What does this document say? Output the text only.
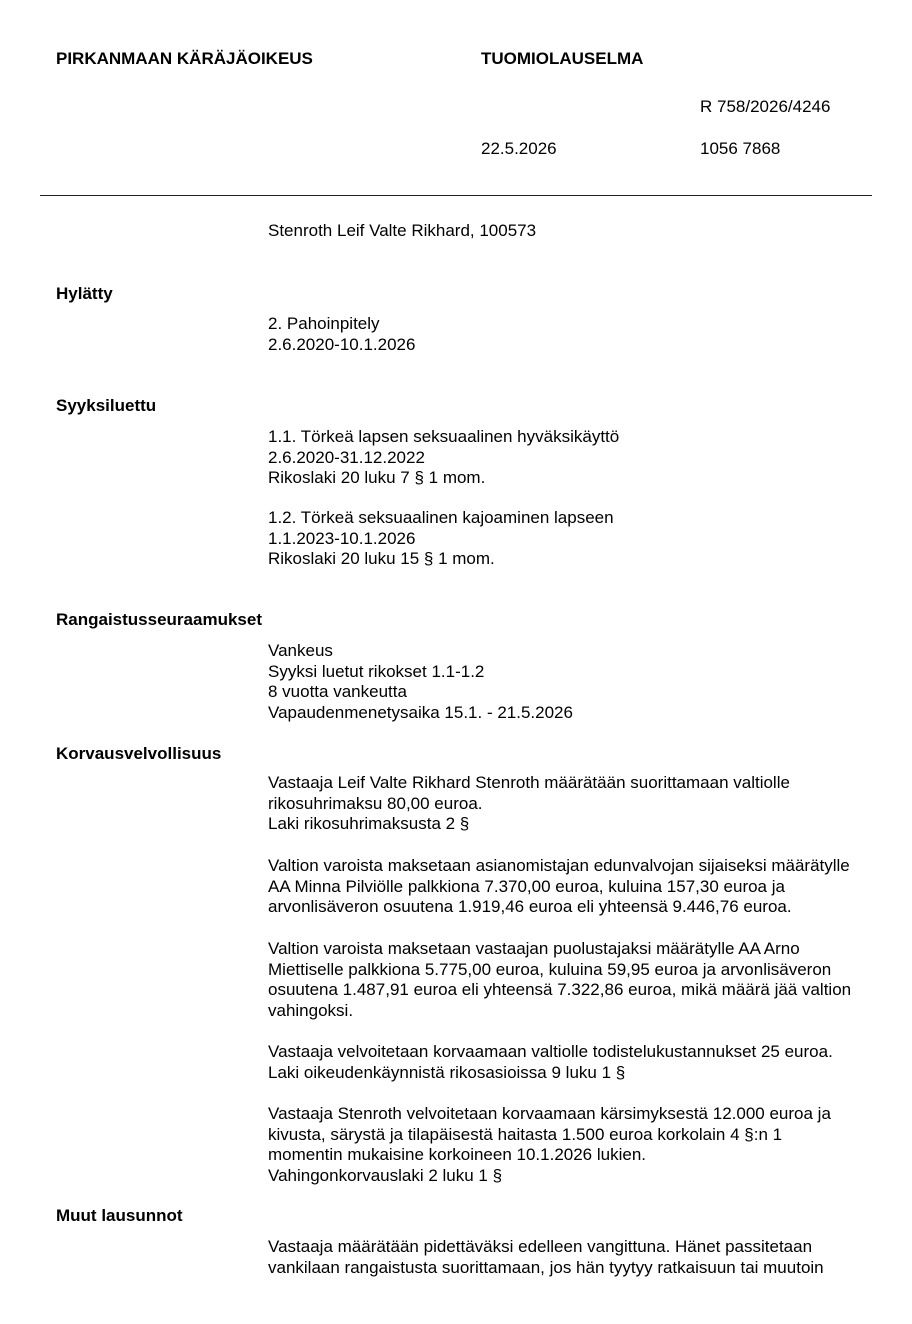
PIRKANMAAN KÄRÄJÄOIKEUS	TUOMIOLAUSELMA
R 758/2026/4246
22.5.2026	1056 7868
Stenroth Leif Valte Rikhard, 100573
Hylätty
2. Pahoinpitely
2.6.2020-10.1.2026
Syyksiluettu
1.1. Törkeä lapsen seksuaalinen hyväksikäyttö
2.6.2020-31.12.2022
Rikoslaki 20 luku 7 § 1 mom.
1.2. Törkeä seksuaalinen kajoaminen lapseen
1.1.2023-10.1.2026
Rikoslaki 20 luku 15 § 1 mom.
Rangaistusseuraamukset
Vankeus
Syyksi luetut rikokset 1.1-1.2
8 vuotta vankeutta
Vapaudenmenetysaika 15.1. - 21.5.2026
Korvausvelvollisuus
Vastaaja Leif Valte Rikhard Stenroth määrätään suorittamaan valtiolle
rikosuhrimaksu 80,00 euroa.
Laki rikosuhrimaksusta 2 §
Valtion varoista maksetaan asianomistajan edunvalvojan sijaiseksi määrätylle
AA Minna Pilviölle palkkiona 7.370,00 euroa, kuluina 157,30 euroa ja
arvonlisäveron osuutena 1.919,46 euroa eli yhteensä 9.446,76 euroa.
Valtion varoista maksetaan vastaajan puolustajaksi määrätylle AA Arno
Miettiselle palkkiona 5.775,00 euroa, kuluina 59,95 euroa ja arvonlisäveron
osuutena 1.487,91 euroa eli yhteensä 7.322,86 euroa, mikä määrä jää valtion
vahingoksi.
Vastaaja velvoitetaan korvaamaan valtiolle todistelukustannukset 25 euroa.
Laki oikeudenkäynnistä rikosasioissa 9 luku 1 §
Vastaaja Stenroth velvoitetaan korvaamaan kärsimyksestä 12.000 euroa ja
kivusta, särystä ja tilapäisestä haitasta 1.500 euroa korkolain 4 §:n 1
momentin mukaisine korkoineen 10.1.2026 lukien.
Vahingonkorvauslaki 2 luku 1 §
Muut lausunnot
Vastaaja määrätään pidettäväksi edelleen vangittuna. Hänet passitetaan
vankilaan rangaistusta suorittamaan, jos hän tyytyy ratkaisuun tai muutoin
